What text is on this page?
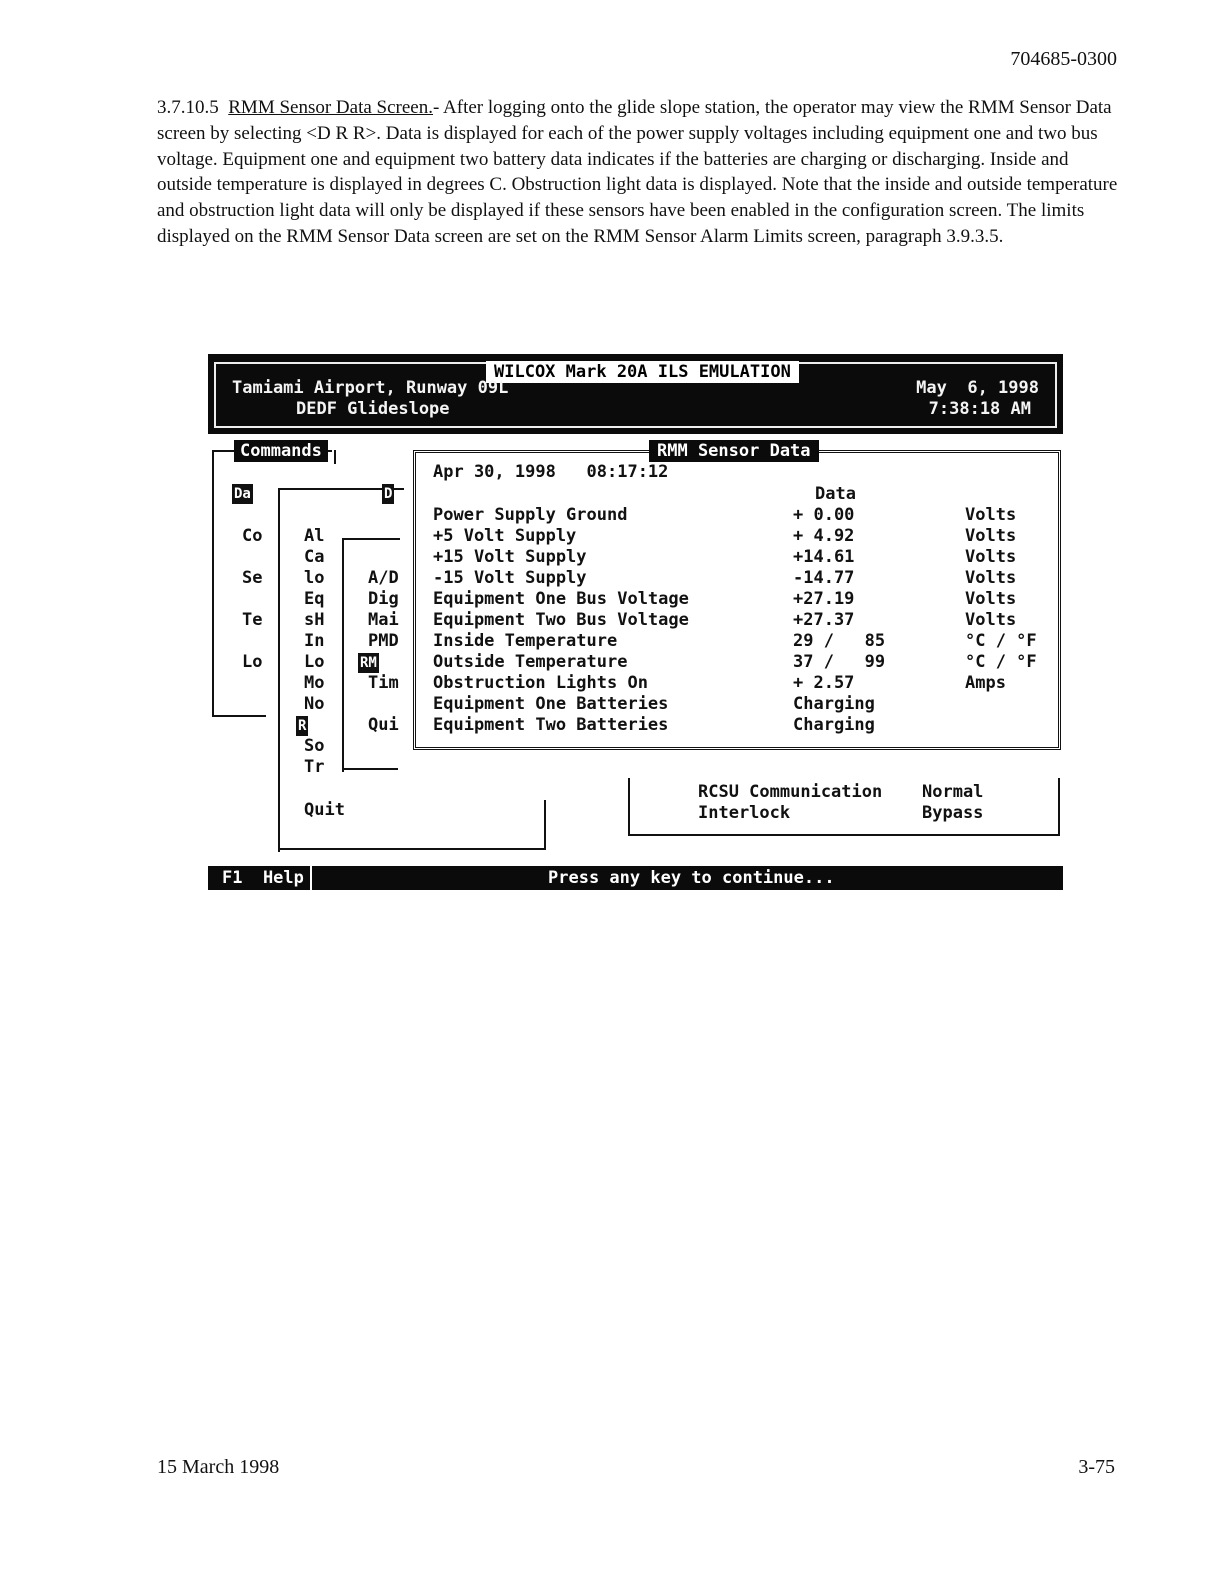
704685-0300
3.7.10.5 RMM Sensor Data Screen.- After logging onto the glide slope station, the operator may view the RMM Sensor Data screen by selecting <D R R>. Data is displayed for each of the power supply voltages including equipment one and two bus voltage. Equipment one and equipment two battery data indicates if the batteries are charging or discharging. Inside and outside temperature is displayed in degrees C. Obstruction light data is displayed. Note that the inside and outside temperature and obstruction light data will only be displayed if these sensors have been enabled in the configuration screen. The limits displayed on the RMM Sensor Data screen are set on the RMM Sensor Alarm Limits screen, paragraph 3.9.3.5.
WILCOX Mark 20A ILS EMULATION
Tamiami Airport, Runway 09L
DEDF Glideslope
May  6, 1998
7:38:18 AM
Commands
Da
Co
Se
Te
Lo
D
Al
Ca
lo
Eq
sH
In
Lo
Mo
No
R
So
Tr
Quit
A/D
Dig
Mai
PMD
RM
Tim
Qui
RMM Sensor Data
Apr 30, 1998   08:17:12
Data
Power Supply Ground	+ 0.00	Volts
+5 Volt Supply	+ 4.92	Volts
+15 Volt Supply	+14.61	Volts
-15 Volt Supply	-14.77	Volts
Equipment One Bus Voltage	+27.19	Volts
Equipment Two Bus Voltage	+27.37	Volts
Inside Temperature	29 /   85	°C / °F
Outside Temperature	37 /   99	°C / °F
Obstruction Lights On	+ 2.57	Amps
Equipment One Batteries	Charging
Equipment Two Batteries	Charging
RCSU Communication Normal
Interlock	Bypass
F1  Help	Press any key to continue...
15 March 1998	3-75
